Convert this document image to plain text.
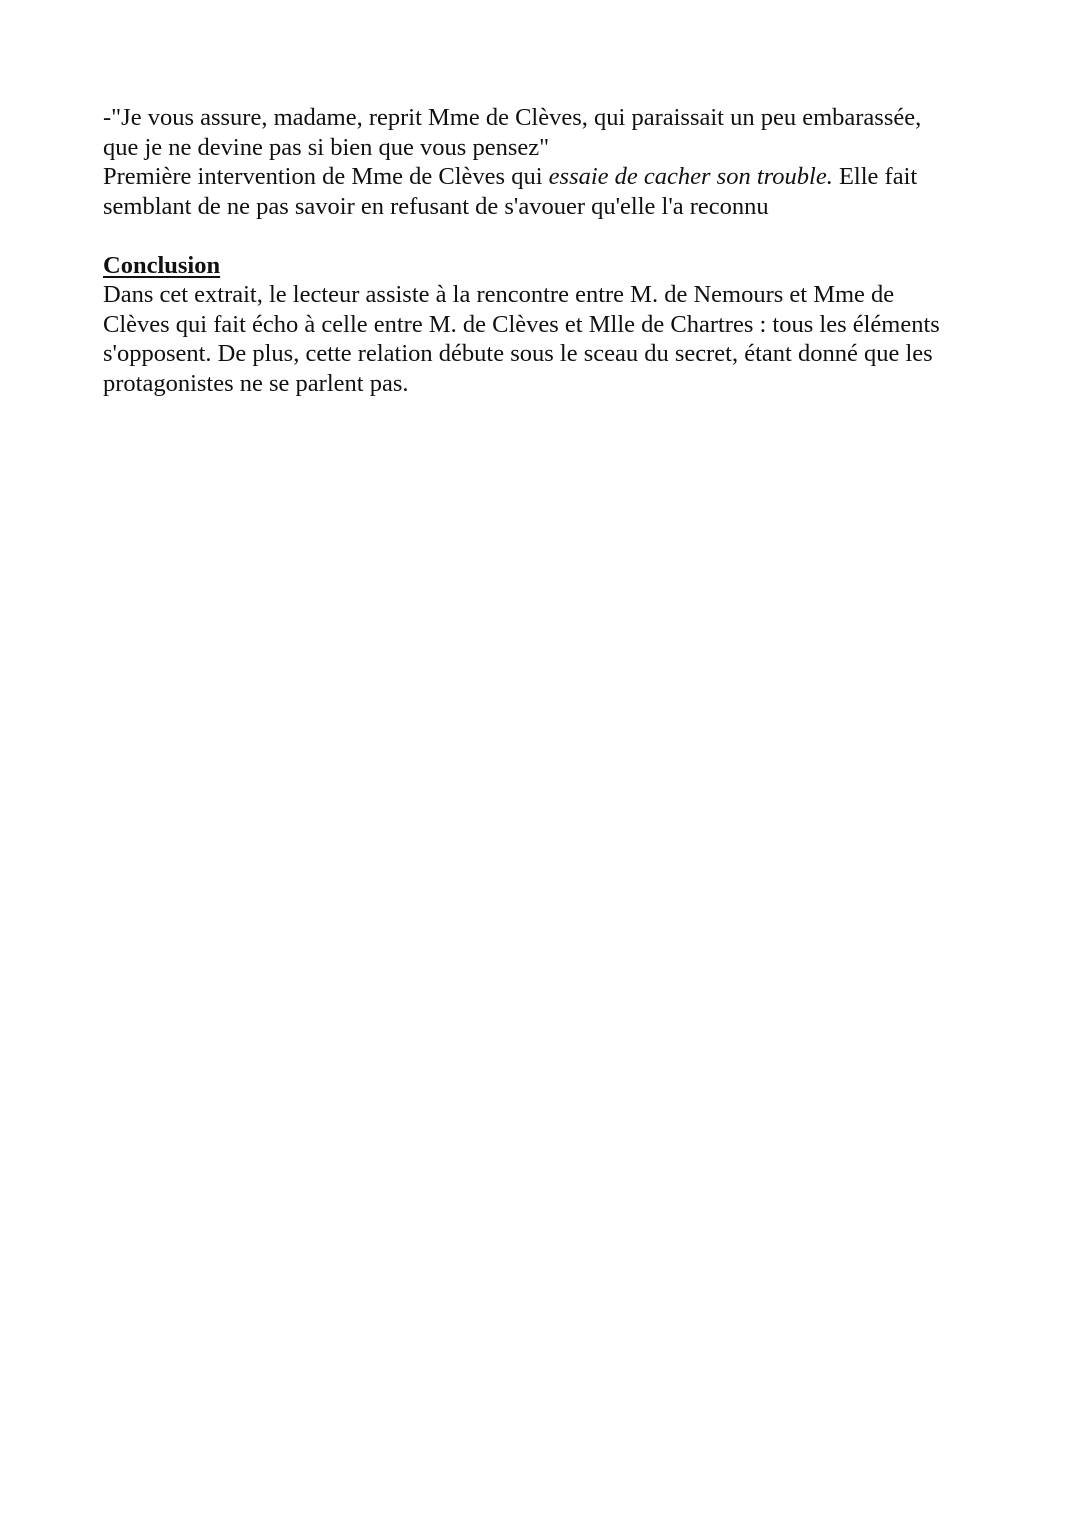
-"Je vous assure, madame, reprit Mme de Clèves, qui paraissait un peu embarassée,
que je ne devine pas si bien que vous pensez"
Première intervention de Mme de Clèves qui essaie de cacher son trouble. Elle fait
semblant de ne pas savoir en refusant de s'avouer qu'elle l'a reconnu
Conclusion
Dans cet extrait, le lecteur assiste à la rencontre entre M. de Nemours et Mme de
Clèves qui fait écho à celle entre M. de Clèves et Mlle de Chartres : tous les éléments
s'opposent. De plus, cette relation débute sous le sceau du secret, étant donné que les
protagonistes ne se parlent pas.
